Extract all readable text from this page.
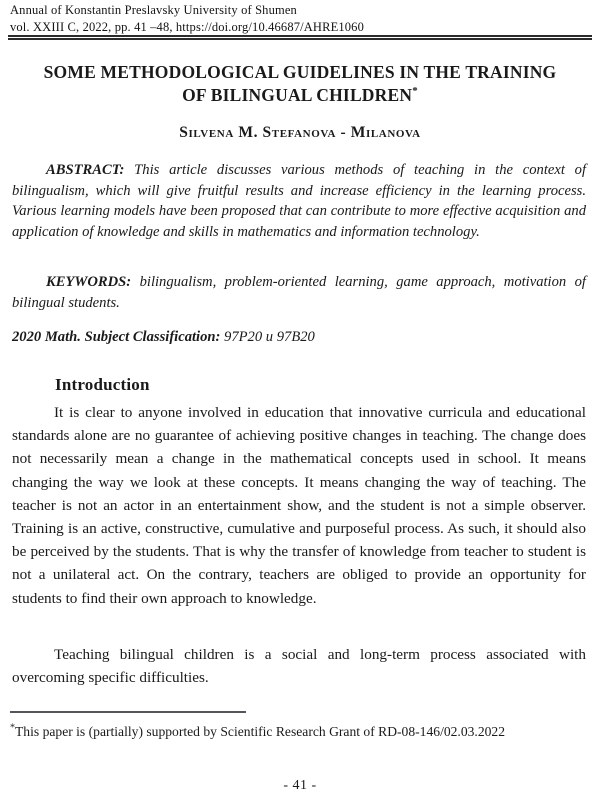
Annual of Konstantin Preslavsky University of Shumen
vol. XXIII C, 2022, pp. 41 –48, https://doi.org/10.46687/AHRE1060
SOME METHODOLOGICAL GUIDELINES IN THE TRAINING OF BILINGUAL CHILDREN*
Silvena M. Stefanova - Milanova
ABSTRACT: This article discusses various methods of teaching in the context of bilingualism, which will give fruitful results and increase efficiency in the learning process. Various learning models have been proposed that can contribute to more effective acquisition and application of knowledge and skills in mathematics and information technology.
KEYWORDS: bilingualism, problem-oriented learning, game approach, motivation of bilingual students.
2020 Math. Subject Classification: 97P20 и 97B20
Introduction
It is clear to anyone involved in education that innovative curricula and educational standards alone are no guarantee of achieving positive changes in teaching. The change does not necessarily mean a change in the mathematical concepts used in school. It means changing the way we look at these concepts. It means changing the way of teaching. The teacher is not an actor in an entertainment show, and the student is not a simple observer. Training is an active, constructive, cumulative and purposeful process. As such, it should also be perceived by the students. That is why the transfer of knowledge from teacher to student is not a unilateral act. On the contrary, teachers are obliged to provide an opportunity for students to find their own approach to knowledge.
Teaching bilingual children is a social and long-term process associated with overcoming specific difficulties.
*This paper is (partially) supported by Scientific Research Grant of RD-08-146/02.03.2022
- 41 -
